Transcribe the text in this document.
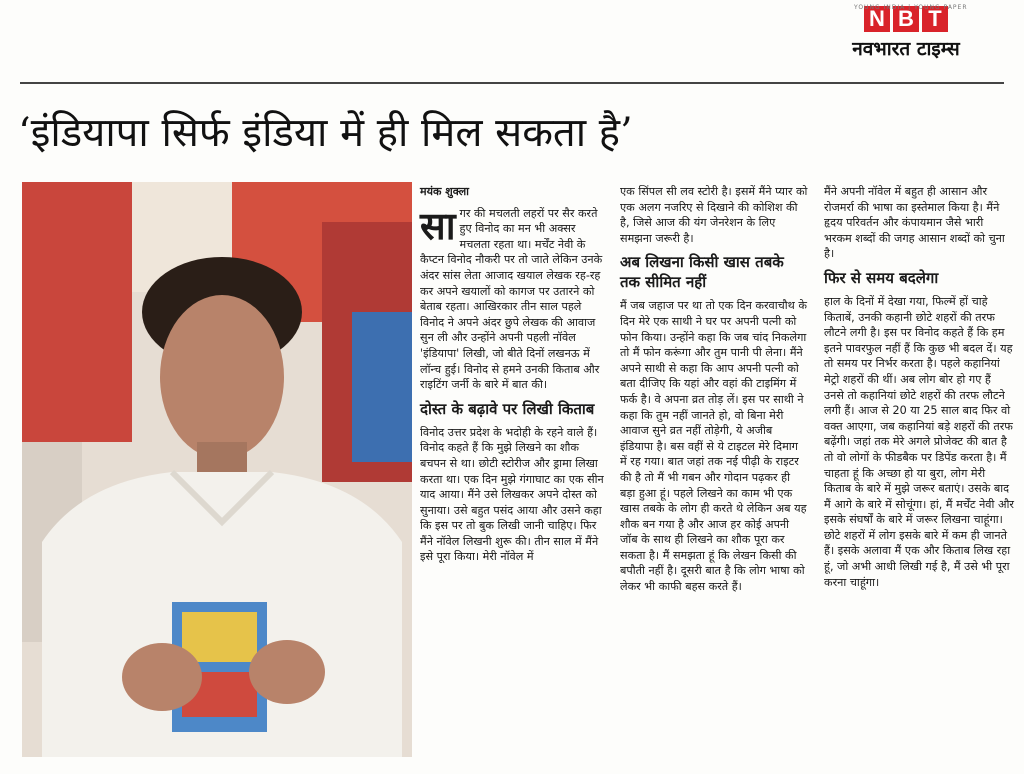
YOUNG INDIA | YOUNG PAPER
N B T
नवभारत टाइम्स
‘इंडियापा सिर्फ इंडिया में ही मिल सकता है’

मयंक शुक्ला

सागर की मचलती लहरों पर सैर करते हुए विनोद का मन भी अक्सर मचलता रहता था। मर्चेंट नेवी के कैप्टन विनोद नौकरी पर तो जाते लेकिन उनके अंदर सांस लेता आजाद खयाल लेखक रह-रह कर अपने खयालों को कागज पर उतारने को बेताब रहता। आखिरकार तीन साल पहले विनोद ने अपने अंदर छुपे लेखक की आवाज सुन ली और उन्होंने अपनी पहली नॉवेल 'इंडियापा' लिखी, जो बीते दिनों लखनऊ में लॉन्च हुई। विनोद से हमने उनकी किताब और राइटिंग जर्नी के बारे में बात की।

दोस्त के बढ़ावे पर लिखी किताब

विनोद उत्तर प्रदेश के भदोही के रहने वाले हैं। विनोद कहते हैं कि मुझे लिखने का शौक बचपन से था। छोटी स्टोरीज और ड्रामा लिखा करता था। एक दिन मुझे गंगाघाट का एक सीन याद आया। मैंने उसे लिखकर अपने दोस्त को सुनाया। उसे बहुत पसंद आया और उसने कहा कि इस पर तो बुक लिखी जानी चाहिए। फिर मैंने नॉवेल लिखनी शुरू की। तीन साल में मैंने इसे पूरा किया। मेरी नॉवेल में

एक सिंपल सी लव स्टोरी है। इसमें मैंने प्यार को एक अलग नजरिए से दिखाने की कोशिश की है, जिसे आज की यंग जेनरेशन के लिए समझना जरूरी है।

अब लिखना किसी खास तबके तक सीमित नहीं

मैं जब जहाज पर था तो एक दिन करवाचौथ के दिन मेरे एक साथी ने घर पर अपनी पत्नी को फोन किया। उन्होंने कहा कि जब चांद निकलेगा तो मैं फोन करूंगा और तुम पानी पी लेना। मैंने अपने साथी से कहा कि आप अपनी पत्नी को बता दीजिए कि यहां और वहां की टाइमिंग में फर्क है। वे अपना व्रत तोड़ लें। इस पर साथी ने कहा कि तुम नहीं जानते हो, वो बिना मेरी आवाज सुने व्रत नहीं तोड़ेगी, ये अजीब इंडियापा है। बस वहीं से ये टाइटल मेरे दिमाग में रह गया। बात जहां तक नई पीढ़ी के राइटर की है तो मैं भी गबन और गोदान पढ़कर ही बड़ा हुआ हूं। पहले लिखने का काम भी एक खास तबके के लोग ही करते थे लेकिन अब यह शौक बन गया है और आज हर कोई अपनी जॉब के साथ ही लिखने का शौक पूरा कर सकता है। मैं समझता हूं कि लेखन किसी की बपौती नहीं है। दूसरी बात है कि लोग भाषा को लेकर भी काफी बहस करते हैं।

मैंने अपनी नॉवेल में बहुत ही आसान और रोजमर्रा की भाषा का इस्तेमाल किया है। मैंने हृदय परिवर्तन और कंपायमान जैसे भारी भरकम शब्दों की जगह आसान शब्दों को चुना है।

फिर से समय बदलेगा

हाल के दिनों में देखा गया, फिल्में हों चाहे किताबें, उनकी कहानी छोटे शहरों की तरफ लौटने लगी है। इस पर विनोद कहते हैं कि हम इतने पावरफुल नहीं हैं कि कुछ भी बदल दें। यह तो समय पर निर्भर करता है। पहले कहानियां मेट्रो शहरों की थीं। अब लोग बोर हो गए हैं उनसे तो कहानियां छोटे शहरों की तरफ लौटने लगी हैं। आज से 20 या 25 साल बाद फिर वो वक्त आएगा, जब कहानियां बड़े शहरों की तरफ बढ़ेंगी। जहां तक मेरे अगले प्रोजेक्ट की बात है तो वो लोगों के फीडबैक पर डिपेंड करता है। मैं चाहता हूं कि अच्छा हो या बुरा, लोग मेरी किताब के बारे में मुझे जरूर बताएं। उसके बाद मैं आगे के बारे में सोचूंगा। हां, मैं मर्चेंट नेवी और इसके संघर्षों के बारे में जरूर लिखना चाहूंगा। छोटे शहरों में लोग इसके बारे में कम ही जानते हैं। इसके अलावा मैं एक और किताब लिख रहा हूं, जो अभी आधी लिखी गई है, मैं उसे भी पूरा करना चाहूंगा।
